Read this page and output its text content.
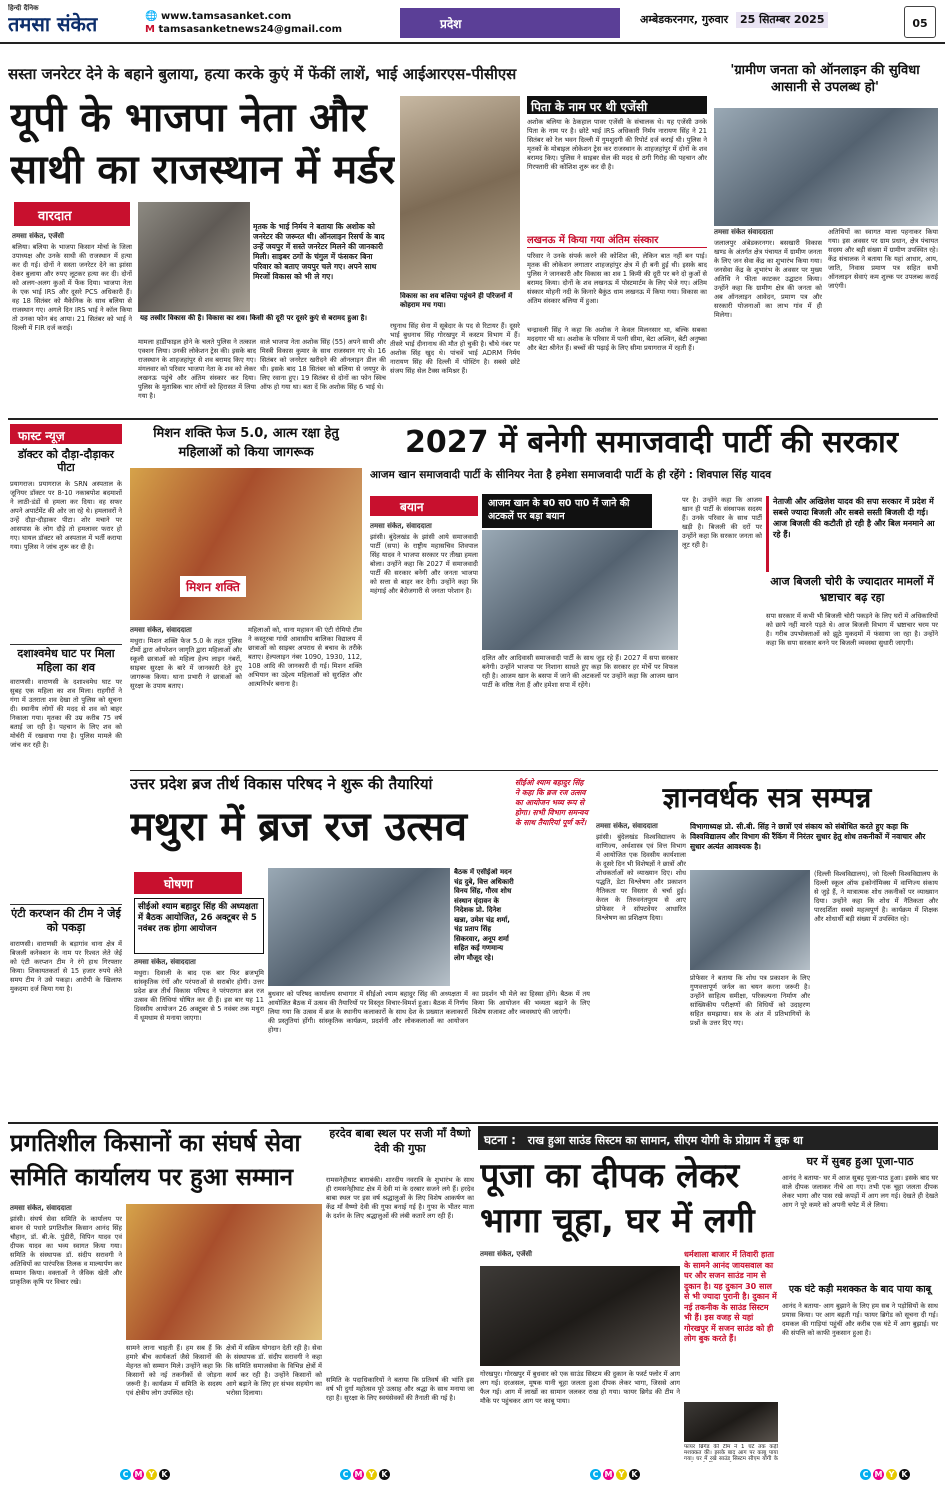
हिन्दी दैनिक
तमसा संकेत	🌐 www.tamsasanket.com
M tamsasanketnews24@gmail.com	प्रदेश	अम्बेडकरनगर, गुरुवार 25 सितम्बर 2025	05
सस्ता जनरेटर देने के बहाने बुलाया, हत्या करके कुएं में फेंकीं लाशें, भाई आईआरएस-पीसीएस
यूपी के भाजपा नेता और साथी का राजस्थान में मर्डर
वारदात
यह तस्वीर विकास की है। विकास का शव। किसी की दूरी पर दूसरे कुएं से बरामद हुआ है।
मृतक के भाई निर्मय ने बताया कि अशोक को जनरेटर की जरूरत थी। ऑनलाइन रिसर्च के बाद उन्हें जयपुर में सस्ते जनरेटर मिलने की जानकारी मिली। साइबर ठगों के चंगुल में फंसकर बिना परिवार को बताए जयपुर चले गए। अपने साथ मिरजों विकास को भी ले गए।
विकास का शव बलिया पहुंचने ही परिजनों में कोहराम मच गया।
पिता के नाम पर थी एजेंसी
अशोक बलिया के ठेकहाल पावर एजेंसी के संचालक थे। यह एजेंसी उनके पिता के नाम पर है। छोटे भाई IRS अधिकारी निर्मय नारायण सिंह ने 21 सितंबर को रेल भवन दिल्ली में गुमशुदगी की रिपोर्ट दर्ज कराई थी। पुलिस ने मृतकों के मोबाइल लोकेशन ट्रेस कर राजस्थान के शाहजहांपुर में दोनों के शव बरामद किए। पुलिस ने साइबर सेल की मदद से ठगी गिरोह की पहचान और गिरफ्तारी की कोशिश शुरू कर दी है।
लखनऊ में किया गया अंतिम संस्कार
परिवार ने उनके संपर्क करने की कोशिश की, लेकिन बात नहीं बन पाई। मृतक की लोकेशन लगातार शाहजहांपुर क्षेत्र में ही बनी हुई थी। इसके बाद पुलिस ने जानकारी और विकास का शव 1 किमी की दूरी पर बने दो कुओं से बरामद किया। दोनों के शव लखनऊ में पोस्टमार्टम के लिए भेजे गए। अंतिम संस्कार मोहनी नदी के किनारे बैकुंठ धाम लखनऊ में किया गया। विकास का अंतिम संस्कार बलिया में हुआ।
तमसा संकेत, एजेंसी
बलिया। बलिया के भाजपा किसान मोर्चा के जिला उपाध्यक्ष और उनके साथी की राजस्थान में हत्या कर दी गई। दोनों ने सस्ता जनरेटर देने का झांसा देकर बुलाया और रुपए लूटकर हत्या कर दी। दोनों को अलग-अलग कुओं में फेंक दिया। भाजपा नेता के एक भाई IRS और दूसरे PCS अधिकारी हैं। वह 18 सितंबर को मैकेनिक के साथ बलिया से राजस्थान गए। अगले दिन IRS भाई ने कॉल किया तो उनका फोन बंद आया। 21 सितंबर को भाई ने दिल्ली में FIR दर्ज कराई।
मामला हार्डीफाइल होने के चलते पुलिस ने तत्काल एक्शन लिया। उनकी लोकेशन ट्रेस की। इसके बाद राजस्थान के शाहजहांपुर से शव बरामद किए गए। मंगलवार को परिवार भाजपा नेता के शव को लेकर लखनऊ पहुंचे और अंतिम संस्कार कर दिया। पुलिस के मुताबिक चार लोगों को हिरासत में लिया गया है।
वाले भाजपा नेता अशोक सिंह (55) अपने साथी और मिस्त्री विकास कुमार के साथ राजस्थान गए थे। 16 सितंबर को जनरेटर खरीदने की ऑनलाइन डील की थी। इसके बाद 18 सितंबर को बलिया से जयपुर के लिए रवाना हुए। 19 सितंबर से दोनों का फोन स्विच ऑफ हो गया था। बता दें कि अशोक सिंह 6 भाई थे।
रघुनाथ सिंह सेना में सूबेदार के पद से रिटायर हैं। दूसरे भाई बुधनाथ सिंह गोरखपुर में कस्टम विभाग में हैं। तीसरे भाई दीनानाथ की मौत हो चुकी है। चौथे नंबर पर अशोक सिंह खुद थे। पांचवें भाई ADRM निर्मय नारायण सिंह की दिल्ली में पोस्टिंग है। सबसे छोटे संजय सिंह सेल टैक्स कमिश्नर हैं।
चन्द्रावली सिंह ने कहा कि अशोक ने केवल मिलनसार था, बल्कि सबका मददगार भी था। अशोक के परिवार में पत्नी सीमा, बेटा अश्विन, बेटी अनुष्का और बेटा श्रीनेत हैं। बच्चों की पढ़ाई के लिए सीमा प्रयागराज में रहती हैं।
'ग्रामीण जनता को ऑनलाइन की सुविधा आसानी से उपलब्ध हो'
तमसा संकेत संवाददाता
जलालपुर अंबेडकरनगर। बसखारी विकास खण्ड के अंतर्गत क्षेत्र पंचायत में ग्रामीण जनता के लिए जन सेवा केंद्र का शुभारंभ किया गया। जनसेवा केंद्र के शुभारंभ के अवसर पर मुख्य अतिथि ने फीता काटकर उद्घाटन किया। उन्होंने कहा कि ग्रामीण क्षेत्र की जनता को अब ऑनलाइन आवेदन, प्रमाण पत्र और सरकारी योजनाओं का लाभ गांव में ही मिलेगा।
अतिथियों का स्वागत माला पहनाकर किया गया। इस अवसर पर ग्राम प्रधान, क्षेत्र पंचायत सदस्य और बड़ी संख्या में ग्रामीण उपस्थित रहे। केंद्र संचालक ने बताया कि यहां आधार, आय, जाति, निवास प्रमाण पत्र सहित सभी ऑनलाइन सेवाएं कम शुल्क पर उपलब्ध कराई जाएंगी।
फास्ट न्यूज़
डॉक्टर को दौड़ा-दौड़ाकर पीटा
प्रयागराज। प्रयागराज के SRN अस्पताल के जूनियर डॉक्टर पर 8-10 नकाबपोश बदमाशों ने लाठी-डंडों से हमला कर दिया। वह सफर अपने अपार्टमेंट की ओर जा रहे थे। हमलावरों ने उन्हें दौड़ा-दौड़ाकर पीटा। शोर मचाने पर आसपास के लोग दौड़े तो हमलावर फरार हो गए। घायल डॉक्टर को अस्पताल में भर्ती कराया गया। पुलिस ने जांच शुरू कर दी है।
दशाश्वमेध घाट पर मिला महिला का शव
वाराणसी। वाराणसी के दशाश्वमेध घाट पर सुबह एक महिला का शव मिला। राहगीरों ने गंगा में उतराता शव देखा तो पुलिस को सूचना दी। स्थानीय लोगों की मदद से शव को बाहर निकाला गया। मृतका की उम्र करीब 75 वर्ष बताई जा रही है। पहचान के लिए शव को मोर्चरी में रखवाया गया है। पुलिस मामले की जांच कर रही है।
एंटी करप्शन की टीम ने जेई को पकड़ा
वाराणसी। वाराणसी के बड़ागांव थाना क्षेत्र में बिजली कनेक्शन के नाम पर रिश्वत लेते जेई को एंटी करप्शन टीम ने रंगे हाथ गिरफ्तार किया। शिकायतकर्ता से 15 हजार रुपये लेते समय टीम ने उसे पकड़ा। आरोपी के खिलाफ मुकदमा दर्ज किया गया है।
मिशन शक्ति फेज 5.0, आत्म रक्षा हेतु महिलाओं को किया जागरूक
मिशन शक्ति
तमसा संकेत, संवाददाता
मथुरा। मिशन शक्ति फेज 5.0 के तहत पुलिस टीमों द्वारा ऑपरेशन जागृति द्वारा महिलाओं और स्कूली छात्राओं को महिला हेल्प लाइन नंबरों, साइबर सुरक्षा के बारे में जानकारी देते हुए जागरूक किया। थाना प्रभारी ने छात्राओं को सुरक्षा के उपाय बताए।
महिलाओं को, थाना महावन की एंटी रोमियो टीम ने कस्तूरबा गांधी आवासीय बालिका विद्यालय में छात्राओं को साइबर अपराध से बचाव के तरीके बताए। हेल्पलाइन नंबर 1090, 1930, 112, 108 आदि की जानकारी दी गई। मिशन शक्ति अभियान का उद्देश्य महिलाओं को सुरक्षित और आत्मनिर्भर बनाना है।
2027 में बनेगी समाजवादी पार्टी की सरकार
आजम खान समाजवादी पार्टी के सीनियर नेता है हमेशा समाजवादी पार्टी के ही रहेंगे : शिवपाल सिंह यादव
बयान	आजम खान के ब0 स0 पा0 में जाने की अटकलें पर बड़ा बयान
तमसा संकेत, संवाददाता
झांसी। बुंदेलखंड के झांसी आये समाजवादी पार्टी (सपा) के राष्ट्रीय महासचिव शिवपाल सिंह यादव ने भाजपा सरकार पर तीखा हमला बोला। उन्होंने कहा कि 2027 में समाजवादी पार्टी की सरकार बनेगी और जनता भाजपा को सत्ता से बाहर कर देगी। उन्होंने कहा कि महंगाई और बेरोजगारी से जनता परेशान है।
दलित और आदिवासी समाजवादी पार्टी के साथ जुड़ रहे हैं। 2027 में सपा सरकार बनेगी। उन्होंने भाजपा पर निशाना साधते हुए कहा कि सरकार हर मोर्चे पर विफल रही है। आजम खान के बसपा में जाने की अटकलों पर उन्होंने कहा कि आजम खान पार्टी के वरिष्ठ नेता हैं और हमेशा सपा में रहेंगे।
पर है। उन्होंने कहा कि आजम खान ही पार्टी के संस्थापक सदस्य हैं। उनके परिवार के साथ पार्टी खड़ी है। बिजली की दरों पर उन्होंने कहा कि सरकार जनता को लूट रही है।
नेताजी और अखिलेश यादव की सपा सरकार में प्रदेश में सबसे ज्यादा बिजली और सबसे सस्ती बिजली दी गई। आज बिजली की कटौती हो रही है और बिल मनमाने आ रहे हैं।
आज बिजली चोरी के ज्यादातर मामलों में भ्रष्टाचार बढ़ रहा
सपा सरकार में कभी भी बिजली चोरी पकड़ने के लिए घरों में अधिकारियों को छापे नहीं मारने पड़ते थे। आज बिजली विभाग में भ्रष्टाचार चरम पर है। गरीब उपभोक्ताओं को झूठे मुकदमों में फंसाया जा रहा है। उन्होंने कहा कि सपा सरकार बनने पर बिजली व्यवस्था सुधारी जाएगी।
उत्तर प्रदेश ब्रज तीर्थ विकास परिषद ने शुरू की तैयारियां
मथुरा में ब्रज रज उत्सव
सीईओ श्याम बहादुर सिंह ने कहा कि ब्रज रज उत्सव का आयोजन भव्य रूप से होगा। सभी विभाग समन्वय के साथ तैयारियां पूर्ण करें।
घोषणा
सीईओ श्याम बहादुर सिंह की अध्यक्षता में बैठक आयोजित, 26 अक्टूबर से 5 नवंबर तक होगा आयोजन
बैठक में एसीईओ मदन चंद्र दुबे, वित्त अधिकारी विनय सिंह, गौरव शोध संस्थान वृंदावन के निदेशक प्रो. दिनेश खन्ना, उमेश चंद्र शर्मा, चंद्र प्रताप सिंह सिकरवार, अनूप शर्मा सहित कई गणमान्य लोग मौजूद रहे।
तमसा संकेत, संवाददाता
मथुरा। दिवाली के बाद एक बार फिर ब्रजभूमि सांस्कृतिक रंगों और परंपराओं से सराबोर होगी। उत्तर प्रदेश ब्रज तीर्थ विकास परिषद ने परंपरागत ब्रज रज उत्सव की तिथियां घोषित कर दी हैं। इस बार यह 11 दिवसीय आयोजन 26 अक्टूबर से 5 नवंबर तक मथुरा में धूमधाम से मनाया जाएगा।
बुधवार को परिषद कार्यालय सभागार में सीईओ श्याम बहादुर सिंह की अध्यक्षता में आयोजित बैठक में उत्सव की तैयारियों पर विस्तृत विचार-विमर्श हुआ। बैठक में निर्णय लिया गया कि उत्सव में ब्रज के स्थानीय कलाकारों के साथ देश के प्रख्यात कलाकारों की प्रस्तुतियां होंगी। सांस्कृतिक कार्यक्रम, प्रदर्शनी और लोककलाओं का आयोजन होगा।
का प्रदर्शन भी मेले का हिस्सा होंगे। बैठक में तय किया कि आयोजन की भव्यता बढ़ाने के लिए विशेष सजावट और व्यवस्थाएं की जाएंगी।
ज्ञानवर्धक सत्र सम्पन्न
विभागाध्यक्ष प्रो. सी.बी. सिंह ने छात्रों एवं संकाय को संबोधित करते हुए कहा कि विश्वविद्यालय और विभाग की रैंकिंग में निरंतर सुधार हेतु शोध तकनीकों में नवाचार और सुधार अत्यंत आवश्यक है।
तमसा संकेत, संवाददाता
झांसी। बुंदेलखंड विश्वविद्यालय के वाणिज्य, अर्थशास्त्र एवं वित्त विभाग में आयोजित एक दिवसीय कार्यशाला के दूसरे दिन भी विशेषज्ञों ने छात्रों और शोधकर्ताओं को व्याख्यान दिए। शोध पद्धति, डेटा विश्लेषण और प्रकाशन नैतिकता पर विस्तार से चर्चा हुई। केरल के तिरुवनंतपुरम से आए प्रोफेसर ने सॉफ्टवेयर आधारित विश्लेषण का प्रशिक्षण दिया।
प्रोफेसर ने बताया कि शोध पत्र प्रकाशन के लिए गुणवत्तापूर्ण जर्नल का चयन करना जरूरी है। उन्होंने साहित्य समीक्षा, परिकल्पना निर्माण और सांख्यिकीय परीक्षणों की विधियों को उदाहरण सहित समझाया। सत्र के अंत में प्रतिभागियों के प्रश्नों के उत्तर दिए गए।
(दिल्ली विश्वविद्यालय), जो दिल्ली विश्वविद्यालय के दिल्ली स्कूल ऑफ इकोनॉमिक्स में वाणिज्य संकाय से जुड़े हैं, ने मात्रात्मक शोध तकनीकों पर व्याख्यान दिया। उन्होंने कहा कि शोध में नैतिकता और पारदर्शिता सबसे महत्वपूर्ण है। कार्यक्रम में शिक्षक और शोधार्थी बड़ी संख्या में उपस्थित रहे।
प्रगतिशील किसानों का संघर्ष सेवा समिति कार्यालय पर हुआ सम्मान
तमसा संकेत, संवाददाता
झांसी। संघर्ष सेवा समिति के कार्यालय पर बावन से पधारे प्रगतिशील किसान आनंद सिंह चौहान, डॉ. बी.के. पुंडीरी, विपिन यादव एवं दीपक यादव का भव्य स्वागत किया गया। समिति के संस्थापक डॉ. संदीप सरावगी ने अतिथियों का पारंपरिक तिलक व माल्यार्पण कर सम्मान किया। वक्ताओं ने जैविक खेती और प्राकृतिक कृषि पर विचार रखे।
सामने लाना चाहती हैं। हम सब हैं कि हमारे बीच कार्यकर्ता जैसे किसानों की मेहनत को सम्मान मिले। उन्होंने कहा कि किसानों को नई तकनीकों से जोड़ना जरूरी है। कार्यक्रम में समिति के सदस्य एवं क्षेत्रीय लोग उपस्थित रहे।
क्षेत्रों में सक्रिय योगदान देती रही है। सेवा के संस्थापक डॉ. संदीप सरावगी ने कहा कि समिति समाजसेवा के विभिन्न क्षेत्रों में कार्य कर रही है। उन्होंने किसानों को आगे बढ़ाने के लिए हर संभव सहयोग का भरोसा दिलाया।
हरदेव बाबा स्थल पर सजी माँ वैष्णो देवी की गुफा
रामसनेहीघाट बाराबंकी। शारदीय नवरात्रि के शुभारंभ के साथ ही रामसनेहीघाट क्षेत्र में देवी मां के दरबार सजने लगे हैं। हरदेव बाबा स्थल पर इस वर्ष श्रद्धालुओं के लिए विशेष आकर्षण का केंद्र माँ वैष्णो देवी की गुफा बनाई गई है। गुफा के भीतर माता के दर्शन के लिए श्रद्धालुओं की लंबी कतारें लग रही हैं।
समिति के पदाधिकारियों ने बताया कि प्रतिवर्ष की भांति इस वर्ष भी दुर्गा महोत्सव पूरे उत्साह और श्रद्धा के साथ मनाया जा रहा है। सुरक्षा के लिए स्वयंसेवकों की तैनाती की गई है।
घटना : राख हुआ साउंड सिस्टम का सामान, सीएम योगी के प्रोग्राम में बुक था
पूजा का दीपक लेकर भागा चूहा, घर में लगी
तमसा संकेत, एजेंसी	धर्मशाला बाजार में तिवारी हाता के सामने आनंद जायसवाल का घर और सजन साउंड नाम से दुकान है। यह दुकान 30 साल से भी ज्यादा पुरानी है। दुकान में नई तकनीक के साउंड सिस्टम भी हैं। इस वजह से यहां गोरखपुर में सजन साउंड को ही लोग बुक करते हैं।
गोरखपुर। गोरखपुर में बुधवार को एक साउंड सिस्टम की दुकान के फर्स्ट फ्लोर में आग लग गई। दरअसल, मूषक यानी चूहा जलता हुआ दीपक लेकर भागा, जिससे आग फैल गई। आग में लाखों का सामान जलकर राख हो गया। फायर ब्रिगेड की टीम ने मौके पर पहुंचकर आग पर काबू पाया।
फायर ब्रिगेड की टीम ने 1 घंटे तक कड़ी मशक्कत की। इसके बाद आग पर काबू पाया गया। घर में रखे साउंड सिस्टम सीएम योगी के
घर में सुबह हुआ पूजा-पाठ
आनंद ने बताया- घर में आज सुबह पूजा-पाठ हुआ। इसके बाद घर वाले दीपक जलाकर नीचे आ गए। तभी एक चूहा जलता दीपक लेकर भागा और पास रखे कपड़ों में आग लग गई। देखते ही देखते आग ने पूरे कमरे को अपनी चपेट में ले लिया।
एक घंटे कड़ी मशक्कत के बाद पाया काबू
आनंद ने बताया- आग बुझाने के लिए हम सब ने पड़ोसियों के साथ प्रयास किया। पर आग बढ़ती गई। फायर ब्रिगेड को सूचना दी गई। दमकल की गाड़ियां पहुंचीं और करीब एक घंटे में आग बुझाई। घर की संपत्ति को काफी नुकसान हुआ है।
C M Y K	C M Y K	C M Y K	C M Y K
